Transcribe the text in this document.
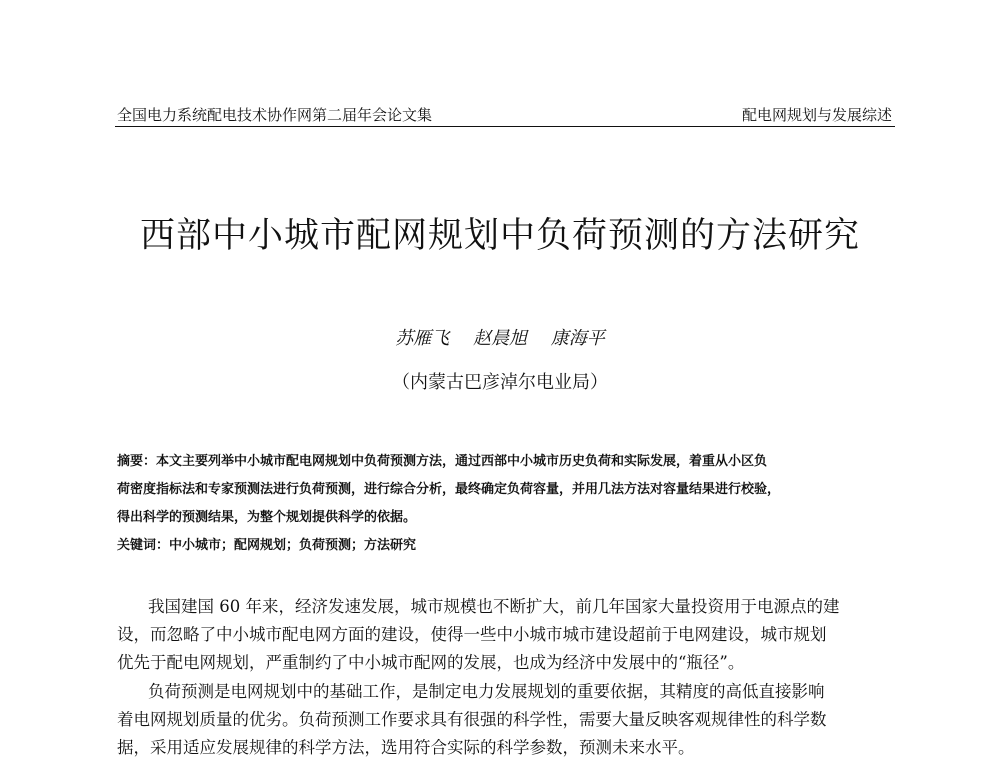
全国电力系统配电技术协作网第二届年会论文集	配电网规划与发展综述
西部中小城市配网规划中负荷预测的方法研究
苏雁飞 赵晨旭 康海平
（内蒙古巴彦淖尔电业局）
摘要：本文主要列举中小城市配电网规划中负荷预测方法，通过西部中小城市历史负荷和实际发展，着重从小区负
荷密度指标法和专家预测法进行负荷预测，进行综合分析，最终确定负荷容量，并用几法方法对容量结果进行校验，
得出科学的预测结果，为整个规划提供科学的依据。
关键词：中小城市；配网规划；负荷预测；方法研究
我国建国 60 年来，经济发速发展，城市规模也不断扩大，前几年国家大量投资用于电源点的建
设，而忽略了中小城市配电网方面的建设，使得一些中小城市城市建设超前于电网建设，城市规划
优先于配电网规划，严重制约了中小城市配网的发展，也成为经济中发展中的“瓶径”。
负荷预测是电网规划中的基础工作，是制定电力发展规划的重要依据，其精度的高低直接影响
着电网规划质量的优劣。负荷预测工作要求具有很强的科学性，需要大量反映客观规律性的科学数
据，采用适应发展规律的科学方法，选用符合实际的科学参数，预测未来水平。
